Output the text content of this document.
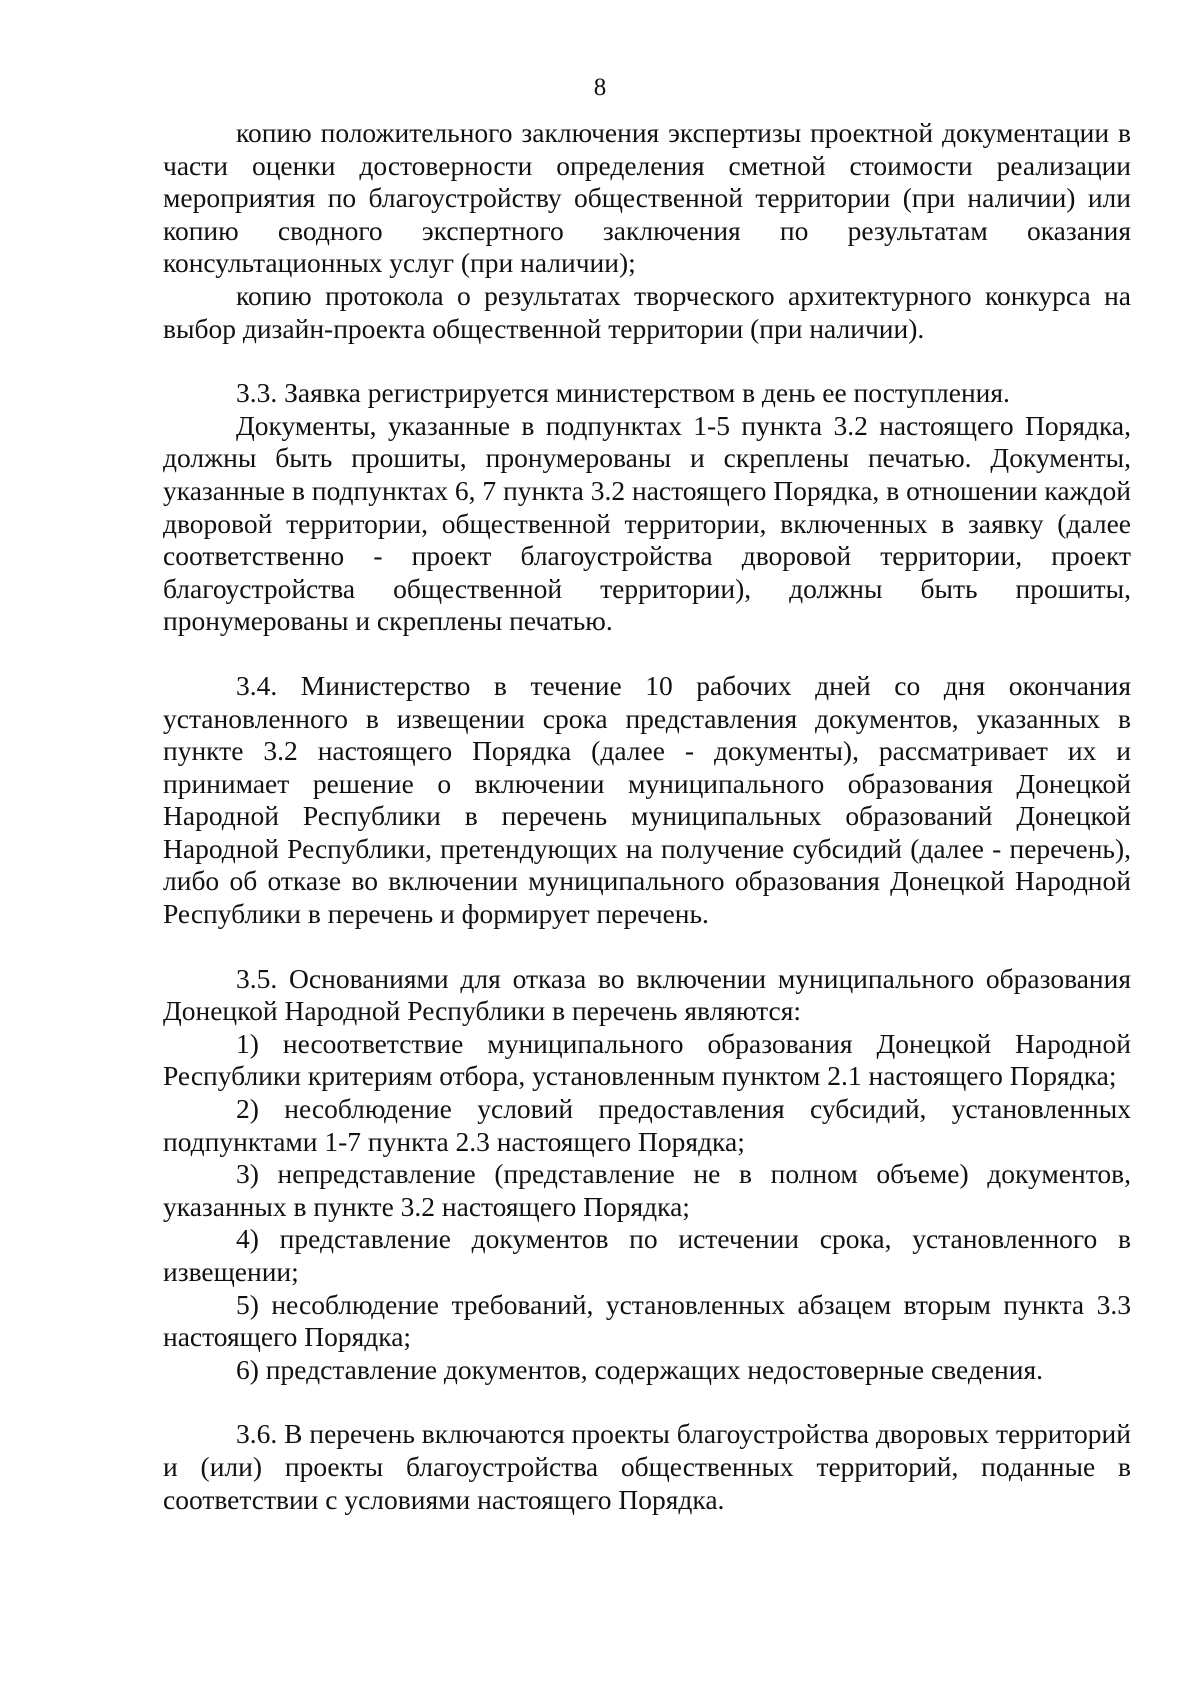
8

копию положительного заключения экспертизы проектной документации в части оценки достоверности определения сметной стоимости реализации мероприятия по благоустройству общественной территории (при наличии) или копию сводного экспертного заключения по результатам оказания консультационных услуг (при наличии);

копию протокола о результатах творческого архитектурного конкурса на выбор дизайн-проекта общественной территории (при наличии).

3.3. Заявка регистрируется министерством в день ее поступления.

Документы, указанные в подпунктах 1-5 пункта 3.2 настоящего Порядка, должны быть прошиты, пронумерованы и скреплены печатью. Документы, указанные в подпунктах 6, 7 пункта 3.2 настоящего Порядка, в отношении каждой дворовой территории, общественной территории, включенных в заявку (далее соответственно - проект благоустройства дворовой территории, проект благоустройства общественной территории), должны быть прошиты, пронумерованы и скреплены печатью.

3.4. Министерство в течение 10 рабочих дней со дня окончания установленного в извещении срока представления документов, указанных в пункте 3.2 настоящего Порядка (далее - документы), рассматривает их и принимает решение о включении муниципального образования Донецкой Народной Республики в перечень муниципальных образований Донецкой Народной Республики, претендующих на получение субсидий (далее - перечень), либо об отказе во включении муниципального образования Донецкой Народной Республики в перечень и формирует перечень.

3.5. Основаниями для отказа во включении муниципального образования Донецкой Народной Республики в перечень являются:

1) несоответствие муниципального образования Донецкой Народной Республики критериям отбора, установленным пунктом 2.1 настоящего Порядка;

2) несоблюдение условий предоставления субсидий, установленных подпунктами 1-7 пункта 2.3 настоящего Порядка;

3) непредставление (представление не в полном объеме) документов, указанных в пункте 3.2 настоящего Порядка;

4) представление документов по истечении срока, установленного в извещении;

5) несоблюдение требований, установленных абзацем вторым пункта 3.3 настоящего Порядка;

6) представление документов, содержащих недостоверные сведения.

3.6. В перечень включаются проекты благоустройства дворовых территорий и (или) проекты благоустройства общественных территорий, поданные в соответствии с условиями настоящего Порядка.
